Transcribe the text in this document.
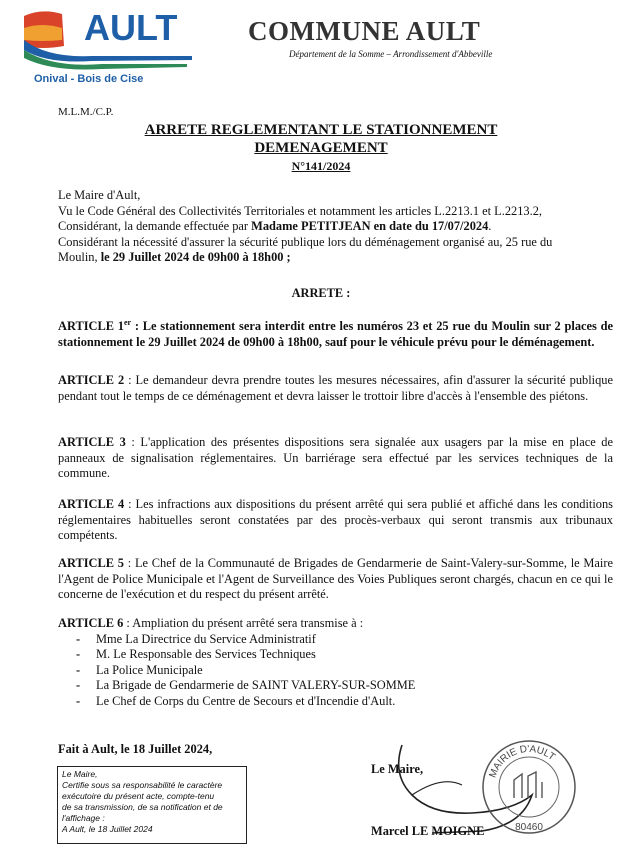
AULT
Onival - Bois de Cise
COMMUNE AULT
Département de la Somme – Arrondissement d'Abbeville
M.L.M./C.P.
ARRETE REGLEMENTANT LE STATIONNEMENT
DEMENAGEMENT
N°141/2024
Le Maire d'Ault,
Vu le Code Général des Collectivités Territoriales et notamment les articles L.2213.1 et L.2213.2,
Considérant, la demande effectuée par Madame PETITJEAN en date du 17/07/2024.
Considérant la nécessité d'assurer la sécurité publique lors du déménagement organisé au, 25 rue du
Moulin, le 29 Juillet 2024 de 09h00 à 18h00 ;
ARRETE :
ARTICLE 1er : Le stationnement sera interdit entre les numéros 23 et 25 rue du Moulin sur 2 places de stationnement le 29 Juillet 2024 de 09h00 à 18h00, sauf pour le véhicule prévu pour le déménagement.
ARTICLE 2 : Le demandeur devra prendre toutes les mesures nécessaires, afin d'assurer la sécurité publique pendant tout le temps de ce déménagement et devra laisser le trottoir libre d'accès à l'ensemble des piétons.
ARTICLE 3 : L'application des présentes dispositions sera signalée aux usagers par la mise en place de panneaux de signalisation réglementaires. Un barriérage sera effectué par les services techniques de la commune.
ARTICLE 4 : Les infractions aux dispositions du présent arrêté qui sera publié et affiché dans les conditions réglementaires habituelles seront constatées par des procès-verbaux qui seront transmis aux tribunaux compétents.
ARTICLE 5 : Le Chef de la Communauté de Brigades de Gendarmerie de Saint-Valery-sur-Somme, le Maire l'Agent de Police Municipale et l'Agent de Surveillance des Voies Publiques seront chargés, chacun en ce qui le concerne de l'exécution et du respect du présent arrêté.
ARTICLE 6 : Ampliation du présent arrêté sera transmise à :
- Mme La Directrice du Service Administratif
- M. Le Responsable des Services Techniques
- La Police Municipale
- La Brigade de Gendarmerie de SAINT VALERY-SUR-SOMME
- Le Chef de Corps du Centre de Secours et d'Incendie d'Ault.
Fait à Ault, le 18 Juillet 2024,
Le Maire,
Certifie sous sa responsabilité le caractère
exécutoire du présent acte, compte-tenu
de sa transmission, de sa notification et de
l'affichage :
A Ault, le 18 Juillet 2024
Le Maire,	MAIRIE D'AULT
80460
Marcel LE MOIGNE
